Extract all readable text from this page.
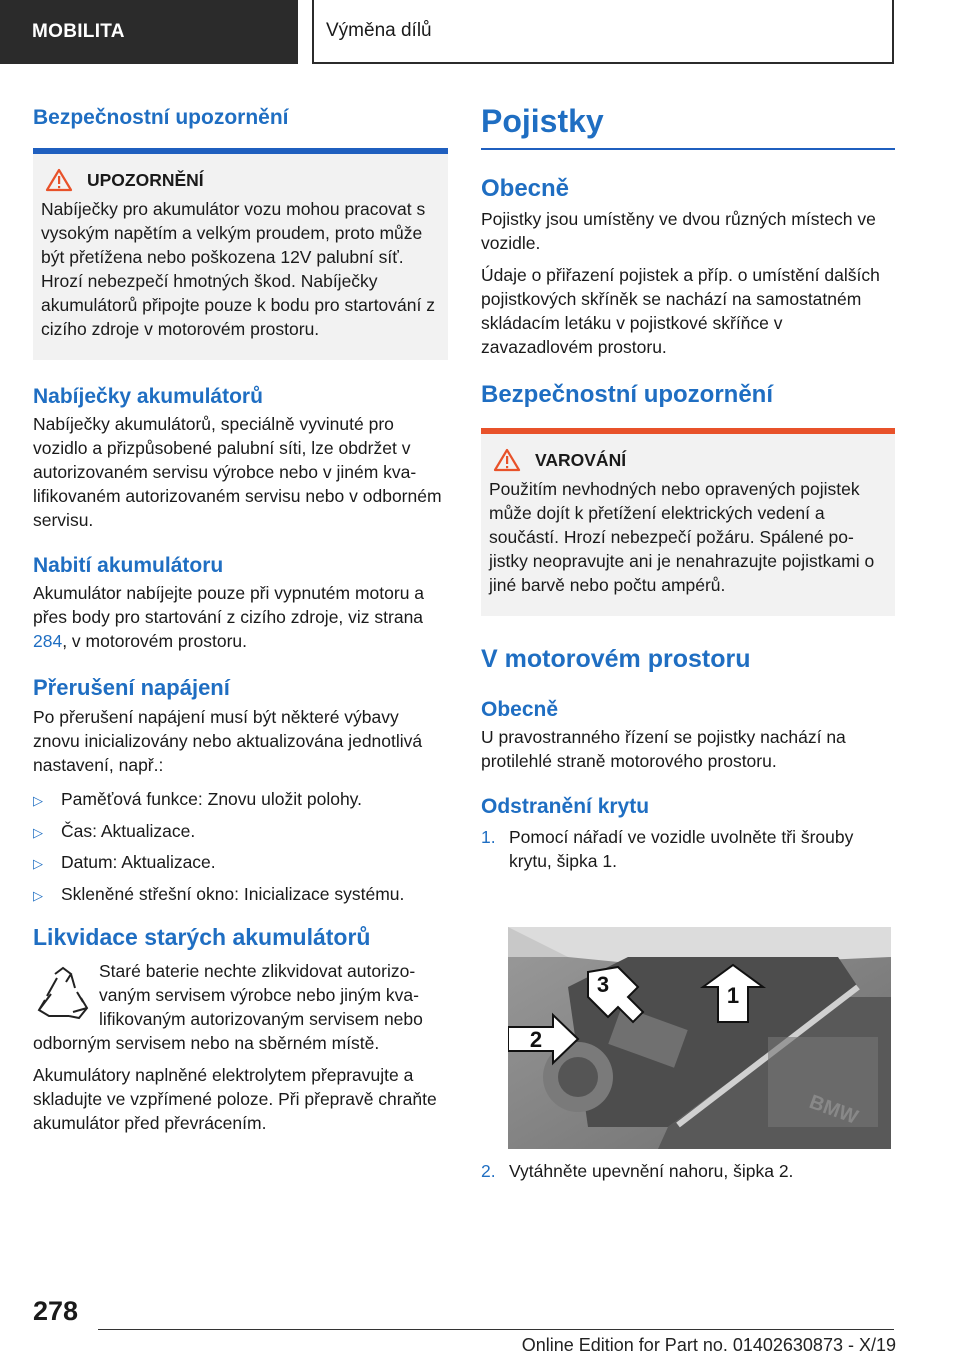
MOBILITA	Výměna dílů
Bezpečnostní upozornění
UPOZORNĚNÍ

Nabíječky pro akumulátor vozu mohou pracovat s vysokým napětím a velkým proudem, proto může být přetížena nebo poškozena 12V palubní síť. Hrozí nebezpečí hmotných škod. Nabíječky akumulátorů připojte pouze k bodu pro startování z cizího zdroje v motorovém prostoru.

Nabíječky akumulátorů

Nabíječky akumulátorů, speciálně vyvinuté pro vozidlo a přizpůsobené palubní síti, lze obdržet v autorizovaném servisu výrobce nebo v jiném kvalifikovaném autorizovaném servisu nebo v odborném servisu.

Nabití akumulátoru

Akumulátor nabíjejte pouze při vypnutém motoru a přes body pro startování z cizího zdroje, viz strana 284, v motorovém prostoru.

Přerušení napájení

Po přerušení napájení musí být některé výbavy znovu inicializovány nebo aktualizována jednotlivá nastavení, např.:

▷	Paměťová funkce: Znovu uložit polohy.
▷	Čas: Aktualizace.
▷	Datum: Aktualizace.
▷	Skleněné střešní okno: Inicializace systému.
Likvidace starých akumulátorů

Staré baterie nechte zlikvidovat autorizovaným servisem výrobce nebo jiným kvalifikovaným autorizovaným servisem nebo odborným servisem nebo na sběrném místě.

Akumulátory naplněné elektrolytem přepravujte a skladujte ve vzpřímené poloze. Při přepravě chraňte akumulátor před převrácením.

Pojistky
Obecně

Pojistky jsou umístěny ve dvou různých místech ve vozidle.

Údaje o přiřazení pojistek a příp. o umístění dalších pojistkových skříněk se nachází na samostatném skládacím letáku v pojistkové skříňce v zavazadlovém prostoru.

Bezpečnostní upozornění
VAROVÁNÍ

Použitím nevhodných nebo opravených pojistek může dojít k přetížení elektrických vedení a součástí. Hrozí nebezpečí požáru. Spálené pojistky neopravujte ani je nenahrazujte pojistkami o jiné barvě nebo počtu ampérů.

V motorovém prostoru
Obecně

U pravostranného řízení se pojistky nachází na protilehlé straně motorového prostoru.

Odstranění krytu
1. Pomocí nářadí ve vozidle uvolněte tři šrouby krytu, šipka 1.
BMW
1
2
3
2. Vytáhněte upevnění nahoru, šipka 2.
278
Online Edition for Part no. 01402630873 - X/19
